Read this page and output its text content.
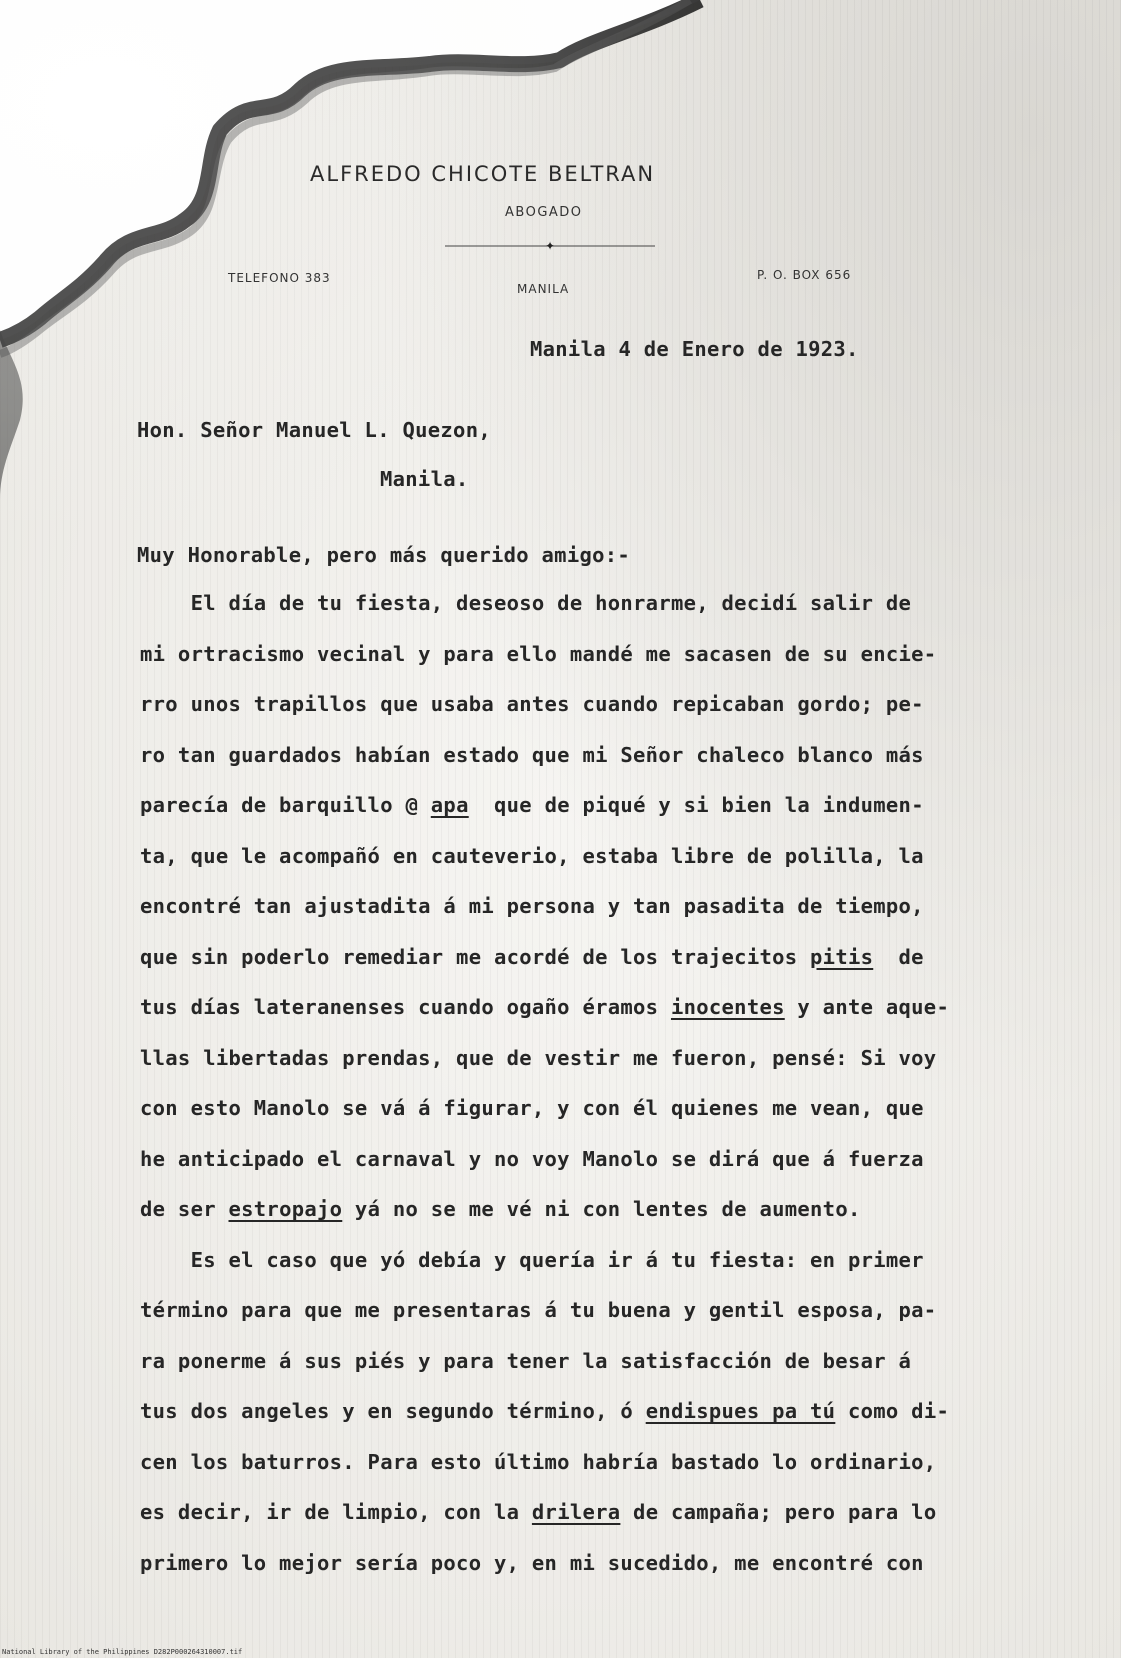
ALFREDO CHICOTE BELTRAN
ABOGADO
✦
TELEFONO 383
MANILA
P. O. BOX 656
Manila 4 de Enero de 1923.
Hon. Señor Manuel L. Quezon,
Manila.
Muy Honorable, pero más querido amigo:-
El día de tu fiesta, deseoso de honrarme, decidí salir de
mi ortracismo vecinal y para ello mandé me sacasen de su encie-
rro unos trapillos que usaba antes cuando repicaban gordo; pe-
ro tan guardados habían estado que mi Señor chaleco blanco más
parecía de barquillo @ apa  que de piqué y si bien la indumen-
ta, que le acompañó en cauteverio, estaba libre de polilla, la
encontré tan ajustadita á mi persona y tan pasadita de tiempo,
que sin poderlo remediar me acordé de los trajecitos pitis  de
tus días lateranenses cuando ogaño éramos inocentes y ante aque-
llas libertadas prendas, que de vestir me fueron, pensé: Si voy
con esto Manolo se vá á figurar, y con él quienes me vean, que
he anticipado el carnaval y no voy Manolo se dirá que á fuerza
de ser estropajo yá no se me vé ni con lentes de aumento.
Es el caso que yó debía y quería ir á tu fiesta: en primer
término para que me presentaras á tu buena y gentil esposa, pa-
ra ponerme á sus piés y para tener la satisfacción de besar á
tus dos angeles y en segundo término, ó endispues pa tú como di-
cen los baturros. Para esto último habría bastado lo ordinario,
es decir, ir de limpio, con la drilera de campaña; pero para lo
primero lo mejor sería poco y, en mi sucedido, me encontré con
National Library of the Philippines D282P000264310007.tif
